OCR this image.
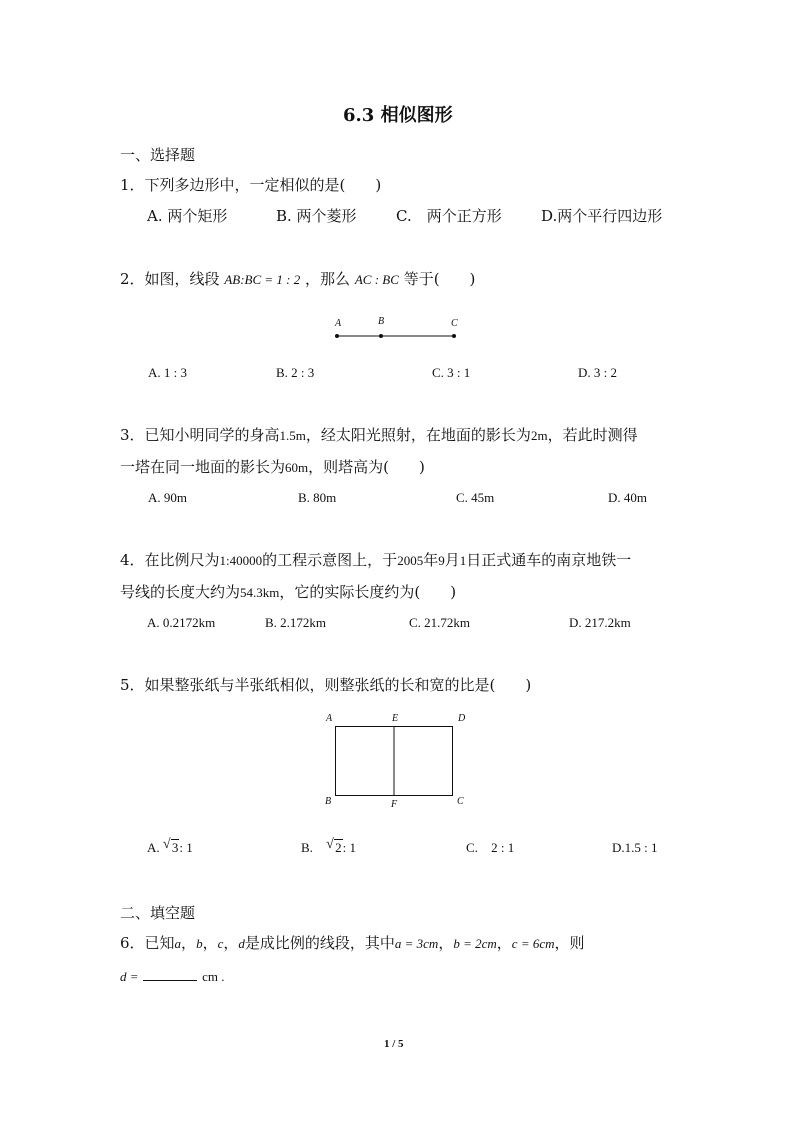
6.3 相似图形
一、选择题
1．下列多边形中，一定相似的是(　　)
A. 两个矩形	B. 两个菱形	C.　两个正方形	D.两个平行四边形
2．如图，线段 AB:BC = 1 : 2 ，那么 AC : BC 等于(　　)
A	B	C
A. 1 : 3	B. 2 : 3	C. 3 : 1	D. 3 : 2
3．已知小明同学的身高1.5m，经太阳光照射，在地面的影长为2m，若此时测得
一塔在同一地面的影长为60m，则塔高为(　　)
A. 90m	B. 80m	C. 45m	D. 40m
4．在比例尺为1:40000的工程示意图上，于2005年9月1日正式通车的南京地铁一
号线的长度大约为54.3km，它的实际长度约为(　　)
A. 0.2172km	B. 2.172km	C. 21.72km	D. 217.2km
5．如果整张纸与半张纸相似，则整张纸的长和宽的比是(　　)
A	E	D
B	F	C
A. √ 3: 1	B. √ 2: 1	C. 2 : 1	D.1.5 : 1
二、填空题
6．已知a，b，c，d是成比例的线段，其中a = 3cm，b = 2cm，c = 6cm，则
d =	cm .
1 / 5
